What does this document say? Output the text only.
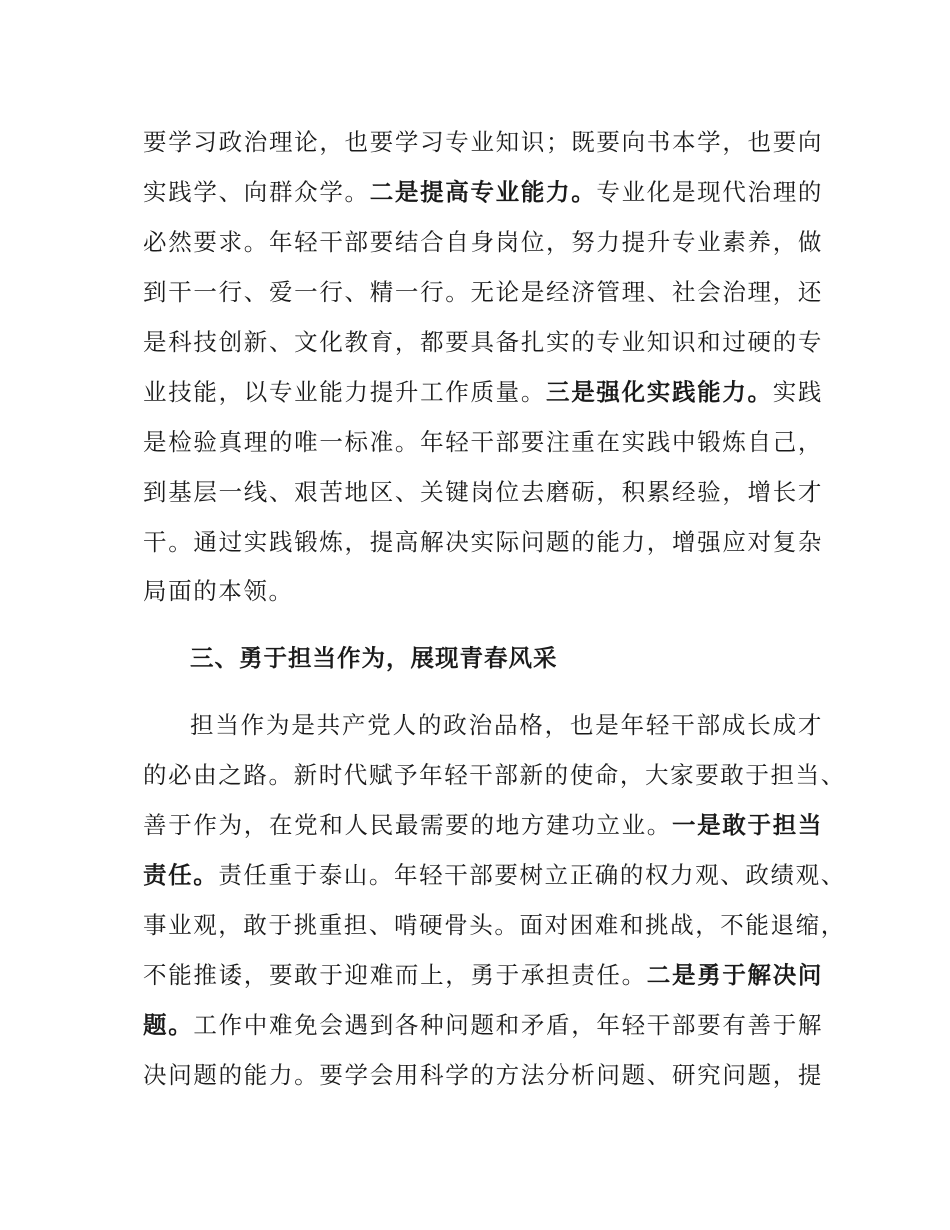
要学习政治理论，也要学习专业知识；既要向书本学，也要向
实践学、向群众学。二是提高专业能力。专业化是现代治理的
必然要求。年轻干部要结合自身岗位，努力提升专业素养，做
到干一行、爱一行、精一行。无论是经济管理、社会治理，还
是科技创新、文化教育，都要具备扎实的专业知识和过硬的专
业技能，以专业能力提升工作质量。三是强化实践能力。实践
是检验真理的唯一标准。年轻干部要注重在实践中锻炼自己，
到基层一线、艰苦地区、关键岗位去磨砺，积累经验，增长才
干。通过实践锻炼，提高解决实际问题的能力，增强应对复杂
局面的本领。
三、勇于担当作为，展现青春风采
担当作为是共产党人的政治品格，也是年轻干部成长成才
的必由之路。新时代赋予年轻干部新的使命，大家要敢于担当、
善于作为，在党和人民最需要的地方建功立业。一是敢于担当
责任。责任重于泰山。年轻干部要树立正确的权力观、政绩观、
事业观，敢于挑重担、啃硬骨头。面对困难和挑战，不能退缩，
不能推诿，要敢于迎难而上，勇于承担责任。二是勇于解决问
题。工作中难免会遇到各种问题和矛盾，年轻干部要有善于解
决问题的能力。要学会用科学的方法分析问题、研究问题，提
